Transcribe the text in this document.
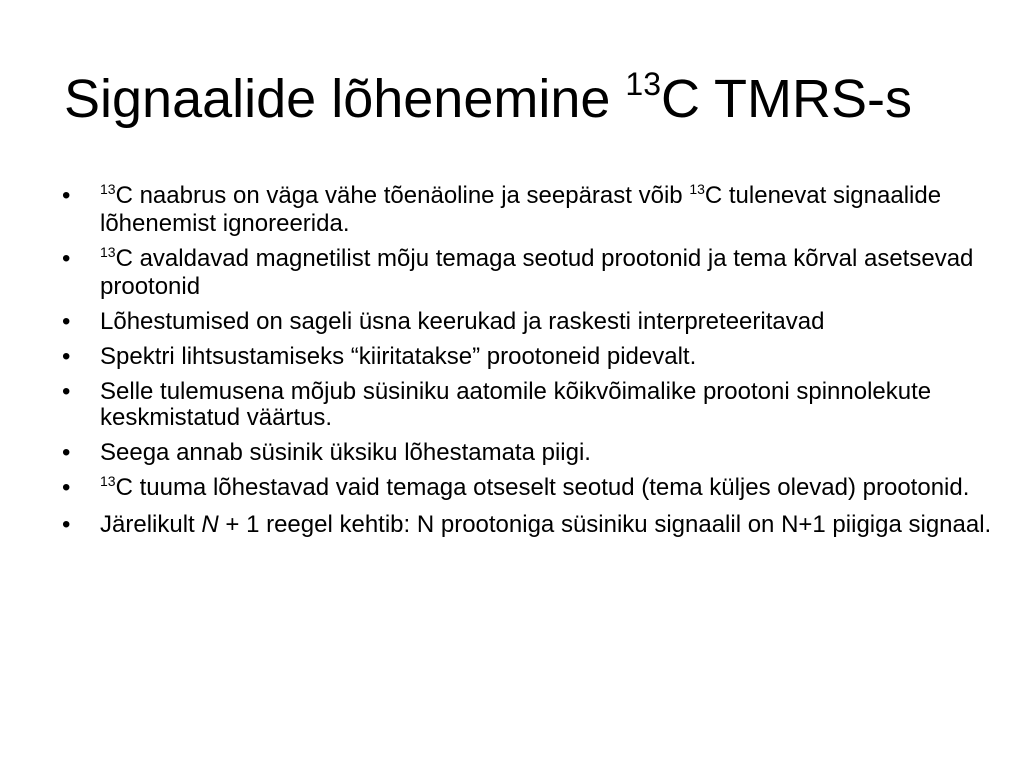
Signaalide lõhenemine $^{13}$C TMRS-s
• $^{13}$C naabrus on väga vähe tõenäoline ja seepärast võib $^{13}$C tulenevat signaalide lõhenemist ignoreerida.
• $^{13}$C avaldavad magnetilist mõju temaga seotud prootonid ja tema kõrval asetsevad prootonid
• Lõhestumised on sageli üsna keerukad ja raskesti interpreteeritavad
• Spektri lihtsustamiseks “kiiritatakse” prootoneid pidevalt.
• Selle tulemusena mõjub süsiniku aatomile kõikvõimalike prootoni spinnolekute keskmistatud väärtus.
• Seega annab süsinik üksiku lõhestamata piigi.
• $^{13}$C tuuma lõhestavad vaid temaga otseselt seotud (tema küljes olevad) prootonid.
• Järelikult N + 1 reegel kehtib: N prootoniga süsiniku signaalil on N+1 piigiga signaal.
